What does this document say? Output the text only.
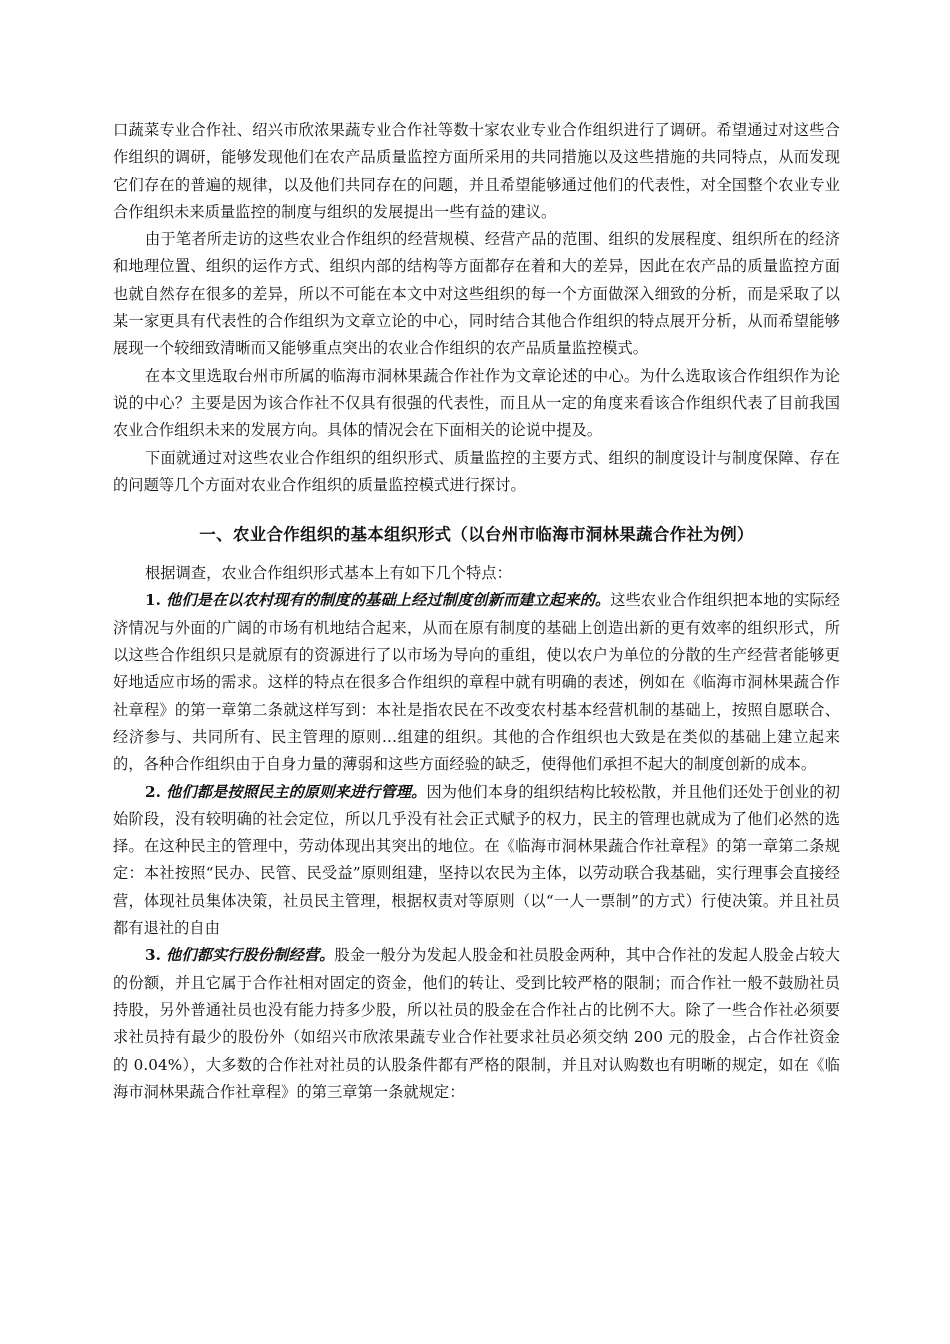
口蔬菜专业合作社、绍兴市欣浓果蔬专业合作社等数十家农业专业合作组织进行了调研。希望通过对这些合作组织的调研，能够发现他们在农产品质量监控方面所采用的共同措施以及这些措施的共同特点，从而发现它们存在的普遍的规律，以及他们共同存在的问题，并且希望能够通过他们的代表性，对全国整个农业专业合作组织未来质量监控的制度与组织的发展提出一些有益的建议。

由于笔者所走访的这些农业合作组织的经营规模、经营产品的范围、组织的发展程度、组织所在的经济和地理位置、组织的运作方式、组织内部的结构等方面都存在着和大的差异，因此在农产品的质量监控方面也就自然存在很多的差异，所以不可能在本文中对这些组织的每一个方面做深入细致的分析，而是采取了以某一家更具有代表性的合作组织为文章立论的中心，同时结合其他合作组织的特点展开分析，从而希望能够展现一个较细致清晰而又能够重点突出的农业合作组织的农产品质量监控模式。

在本文里选取台州市所属的临海市洞林果蔬合作社作为文章论述的中心。为什么选取该合作组织作为论说的中心？主要是因为该合作社不仅具有很强的代表性，而且从一定的角度来看该合作组织代表了目前我国农业合作组织未来的发展方向。具体的情况会在下面相关的论说中提及。

下面就通过对这些农业合作组织的组织形式、质量监控的主要方式、组织的制度设计与制度保障、存在的问题等几个方面对农业合作组织的质量监控模式进行探讨。

一、农业合作组织的基本组织形式（以台州市临海市洞林果蔬合作社为例）

根据调查，农业合作组织形式基本上有如下几个特点：

1. 他们是在以农村现有的制度的基础上经过制度创新而建立起来的。这些农业合作组织把本地的实际经济情况与外面的广阔的市场有机地结合起来，从而在原有制度的基础上创造出新的更有效率的组织形式，所以这些合作组织只是就原有的资源进行了以市场为导向的重组，使以农户为单位的分散的生产经营者能够更好地适应市场的需求。这样的特点在很多合作组织的章程中就有明确的表述，例如在《临海市洞林果蔬合作社章程》的第一章第二条就这样写到：本社是指农民在不改变农村基本经营机制的基础上，按照自愿联合、经济参与、共同所有、民主管理的原则…组建的组织。其他的合作组织也大致是在类似的基础上建立起来的，各种合作组织由于自身力量的薄弱和这些方面经验的缺乏，使得他们承担不起大的制度创新的成本。

2. 他们都是按照民主的原则来进行管理。因为他们本身的组织结构比较松散，并且他们还处于创业的初始阶段，没有较明确的社会定位，所以几乎没有社会正式赋予的权力，民主的管理也就成为了他们必然的选择。在这种民主的管理中，劳动体现出其突出的地位。在《临海市洞林果蔬合作社章程》的第一章第二条规定：本社按照“民办、民管、民受益”原则组建，坚持以农民为主体，以劳动联合我基础，实行理事会直接经营，体现社员集体决策，社员民主管理，根据权责对等原则（以“一人一票制”的方式）行使决策。并且社员都有退社的自由

3. 他们都实行股份制经营。股金一般分为发起人股金和社员股金两种，其中合作社的发起人股金占较大的份额，并且它属于合作社相对固定的资金，他们的转让、受到比较严格的限制；而合作社一般不鼓励社员持股，另外普通社员也没有能力持多少股，所以社员的股金在合作社占的比例不大。除了一些合作社必须要求社员持有最少的股份外（如绍兴市欣浓果蔬专业合作社要求社员必须交纳 200 元的股金，占合作社资金的 0.04%），大多数的合作社对社员的认股条件都有严格的限制，并且对认购数也有明晰的规定，如在《临海市洞林果蔬合作社章程》的第三章第一条就规定：
